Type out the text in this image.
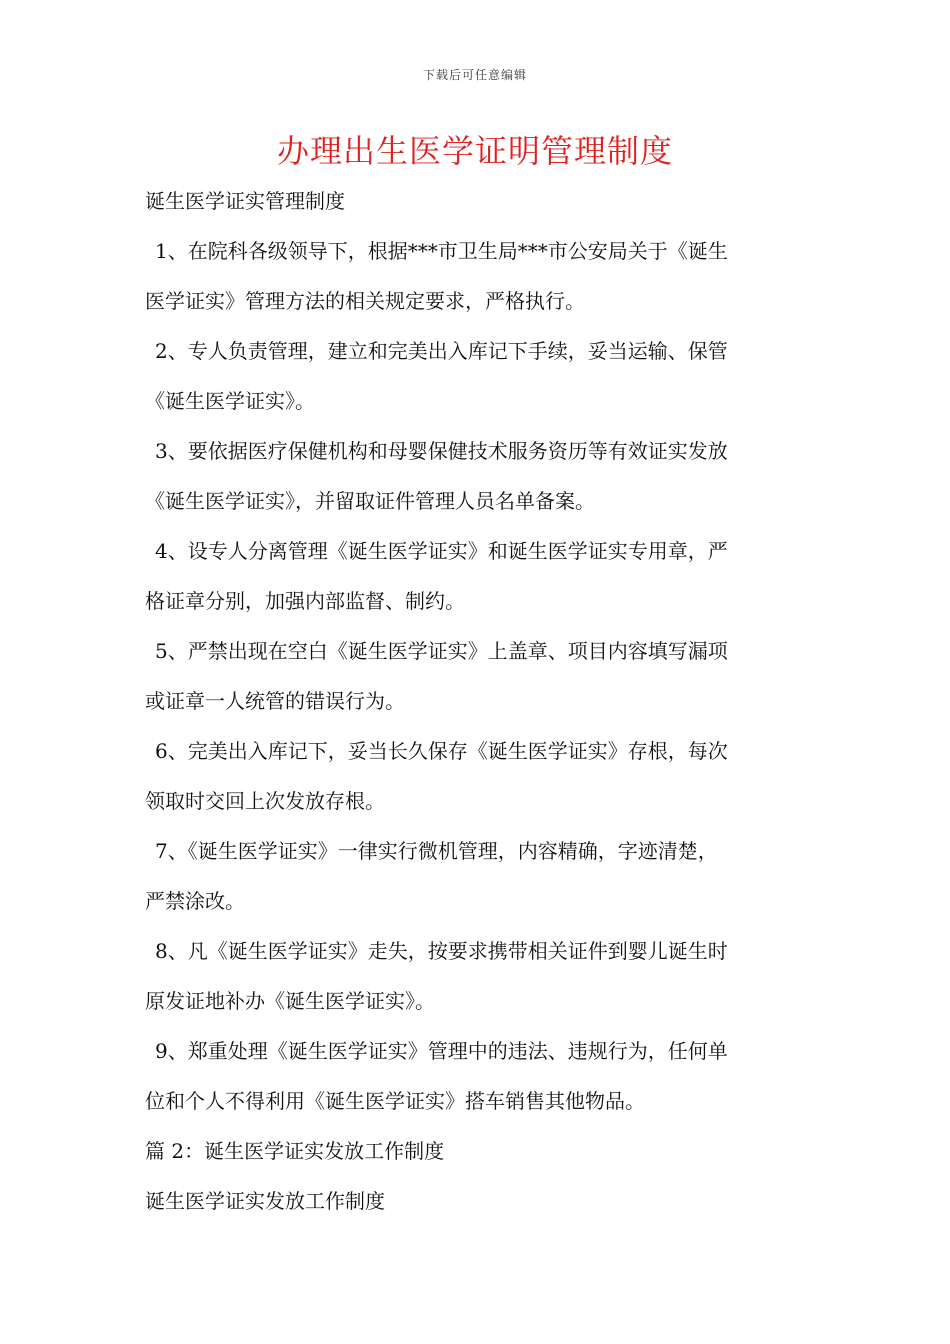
下载后可任意编辑
办理出生医学证明管理制度
诞生医学证实管理制度
1、在院科各级领导下，根据***市卫生局***市公安局关于《诞生
医学证实》管理方法的相关规定要求，严格执行。
2、专人负责管理，建立和完美出入库记下手续，妥当运输、保管
《诞生医学证实》。
3、要依据医疗保健机构和母婴保健技术服务资历等有效证实发放
《诞生医学证实》，并留取证件管理人员名单备案。
4、设专人分离管理《诞生医学证实》和诞生医学证实专用章，严
格证章分别，加强内部监督、制约。
5、严禁出现在空白《诞生医学证实》上盖章、项目内容填写漏项
或证章一人统管的错误行为。
6、完美出入库记下，妥当长久保存《诞生医学证实》存根，每次
领取时交回上次发放存根。
7、《诞生医学证实》一律实行微机管理，内容精确，字迹清楚，
严禁涂改。
8、凡《诞生医学证实》走失，按要求携带相关证件到婴儿诞生时
原发证地补办《诞生医学证实》。
9、郑重处理《诞生医学证实》管理中的违法、违规行为，任何单
位和个人不得利用《诞生医学证实》搭车销售其他物品。
篇 2：诞生医学证实发放工作制度
诞生医学证实发放工作制度
